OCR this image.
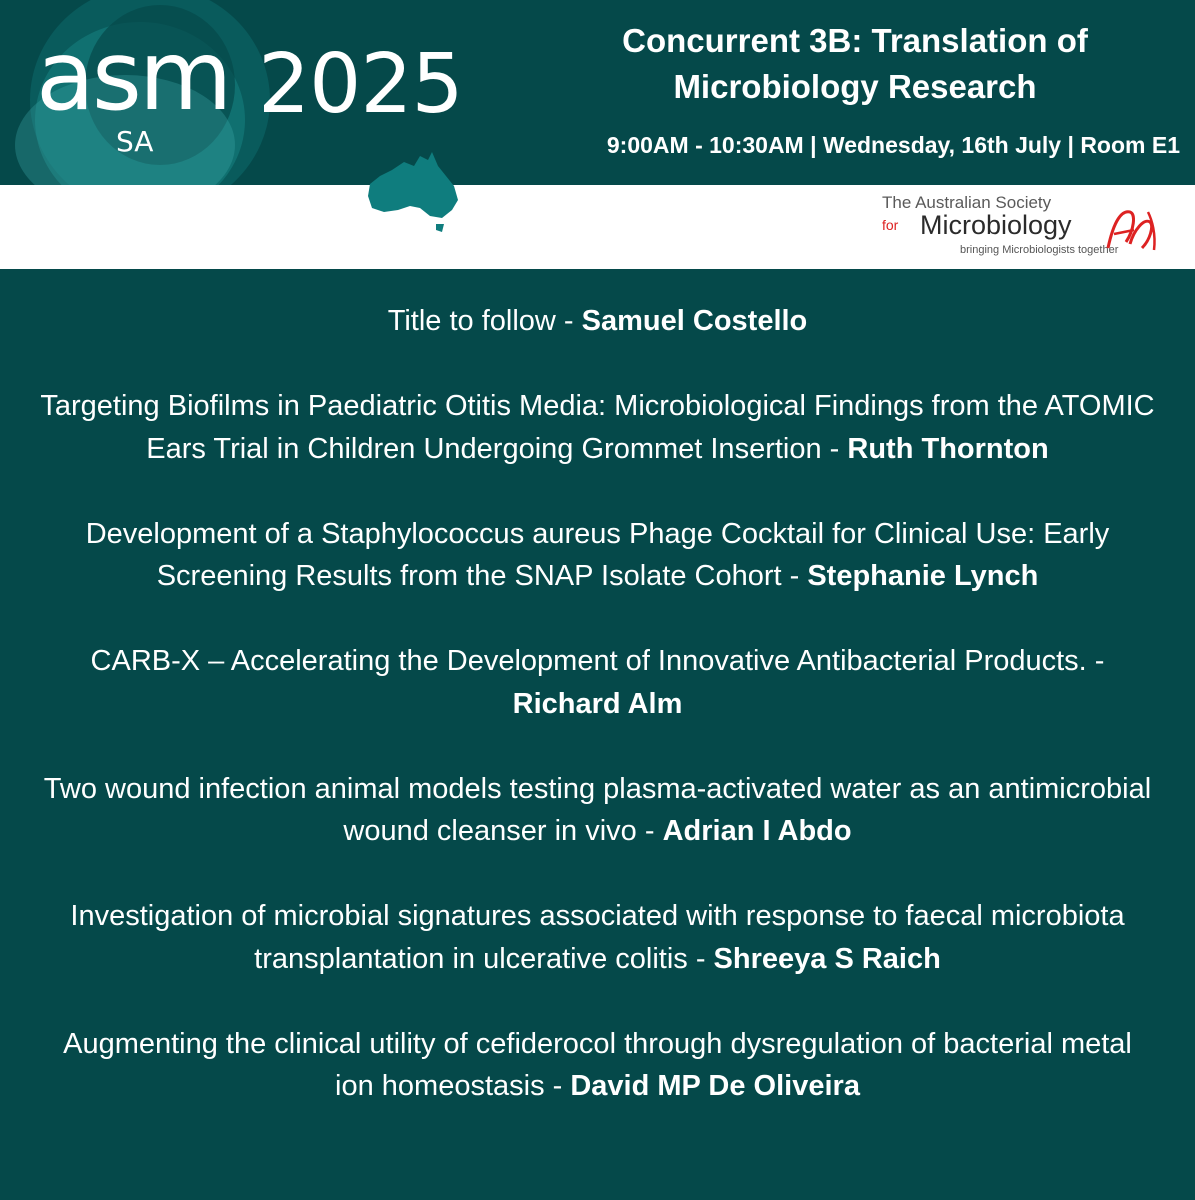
asm 2025
SA
Concurrent 3B: Translation of Microbiology Research
9:00AM - 10:30AM | Wednesday, 16th July | Room E1
The Australian Society
for Microbiology
bringing Microbiologists together
Title to follow - Samuel Costello
Targeting Biofilms in Paediatric Otitis Media: Microbiological Findings from the ATOMIC Ears Trial in Children Undergoing Grommet Insertion - Ruth Thornton
Development of a Staphylococcus aureus Phage Cocktail for Clinical Use: Early Screening Results from the SNAP Isolate Cohort - Stephanie Lynch
CARB-X – Accelerating the Development of Innovative Antibacterial Products. - Richard Alm
Two wound infection animal models testing plasma-activated water as an antimicrobial wound cleanser in vivo - Adrian I Abdo
Investigation of microbial signatures associated with response to faecal microbiota transplantation in ulcerative colitis - Shreeya S Raich
Augmenting the clinical utility of cefiderocol through dysregulation of bacterial metal ion homeostasis - David MP De Oliveira
